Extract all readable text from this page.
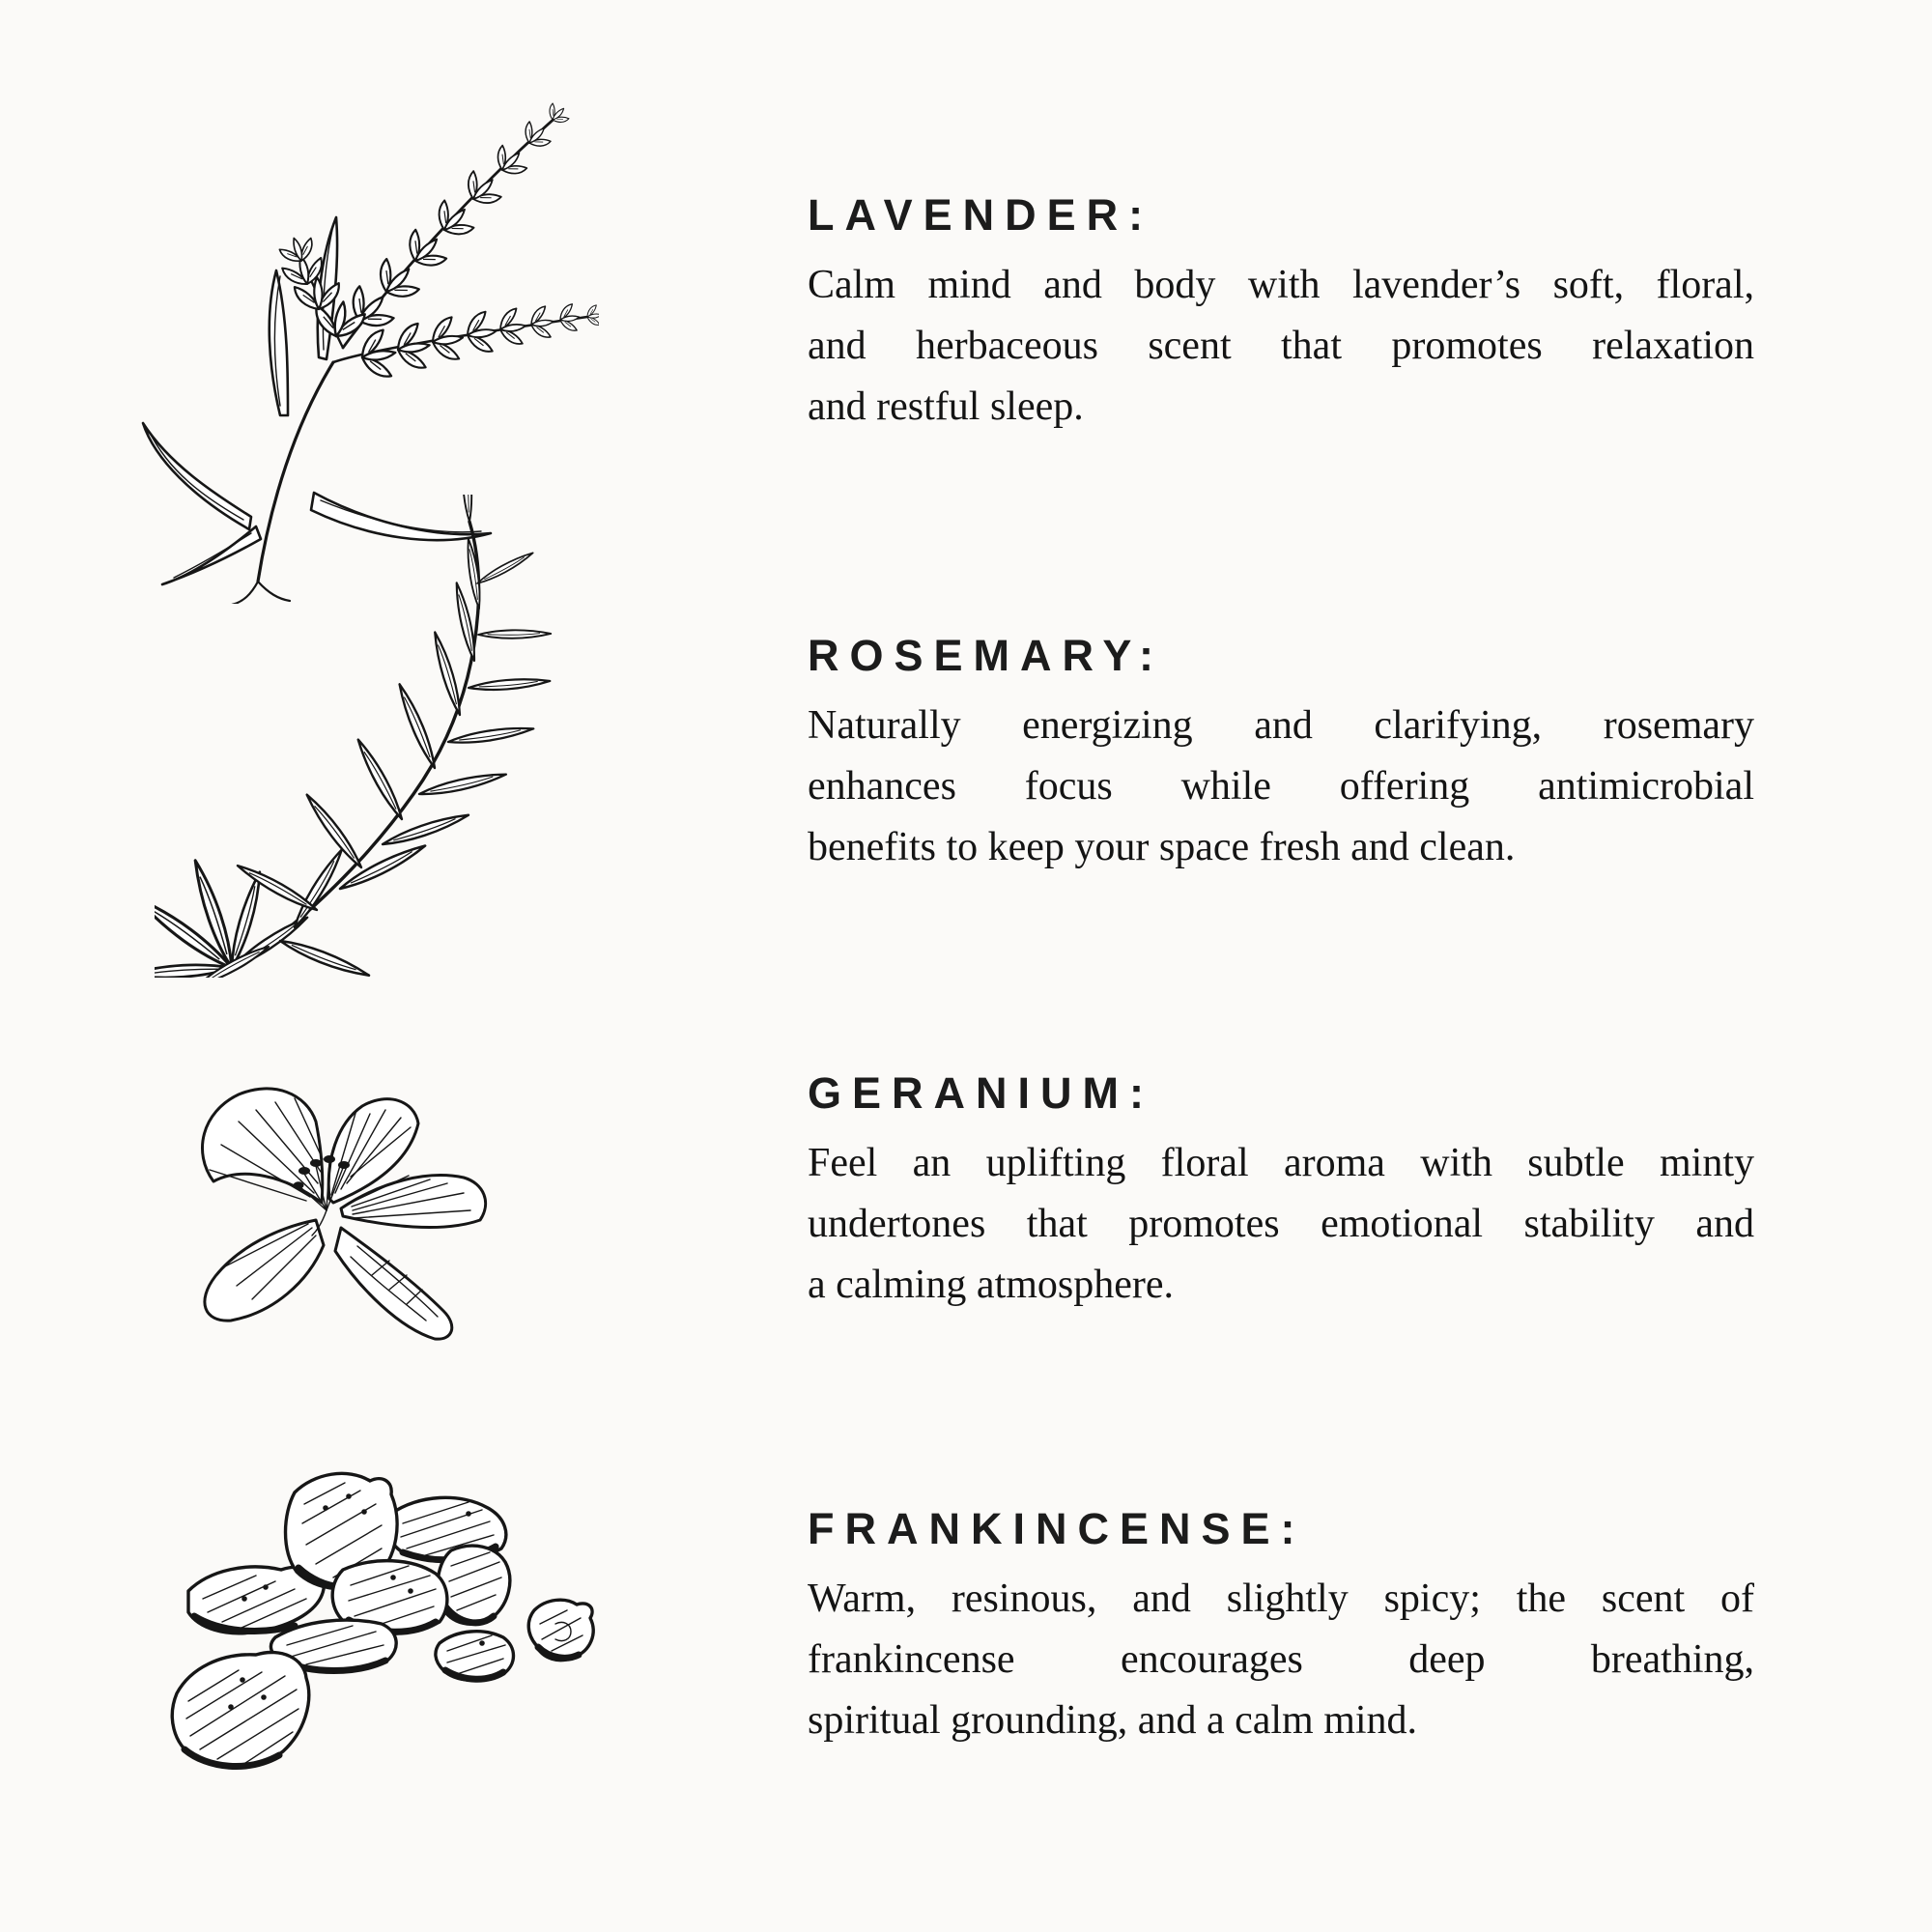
LAVENDER:

Calm mind and body with lavender’s soft, floral,

and herbaceous scent that promotes relaxation

and restful sleep.

ROSEMARY:

Naturally energizing and clarifying, rosemary

enhances focus while offering antimicrobial

benefits to keep your space fresh and clean.

GERANIUM:

Feel an uplifting floral aroma with subtle minty

undertones that promotes emotional stability and

a calming atmosphere.

FRANKINCENSE:

Warm, resinous, and slightly spicy; the scent of

frankincense encourages deep breathing,

spiritual grounding, and a calm mind.
